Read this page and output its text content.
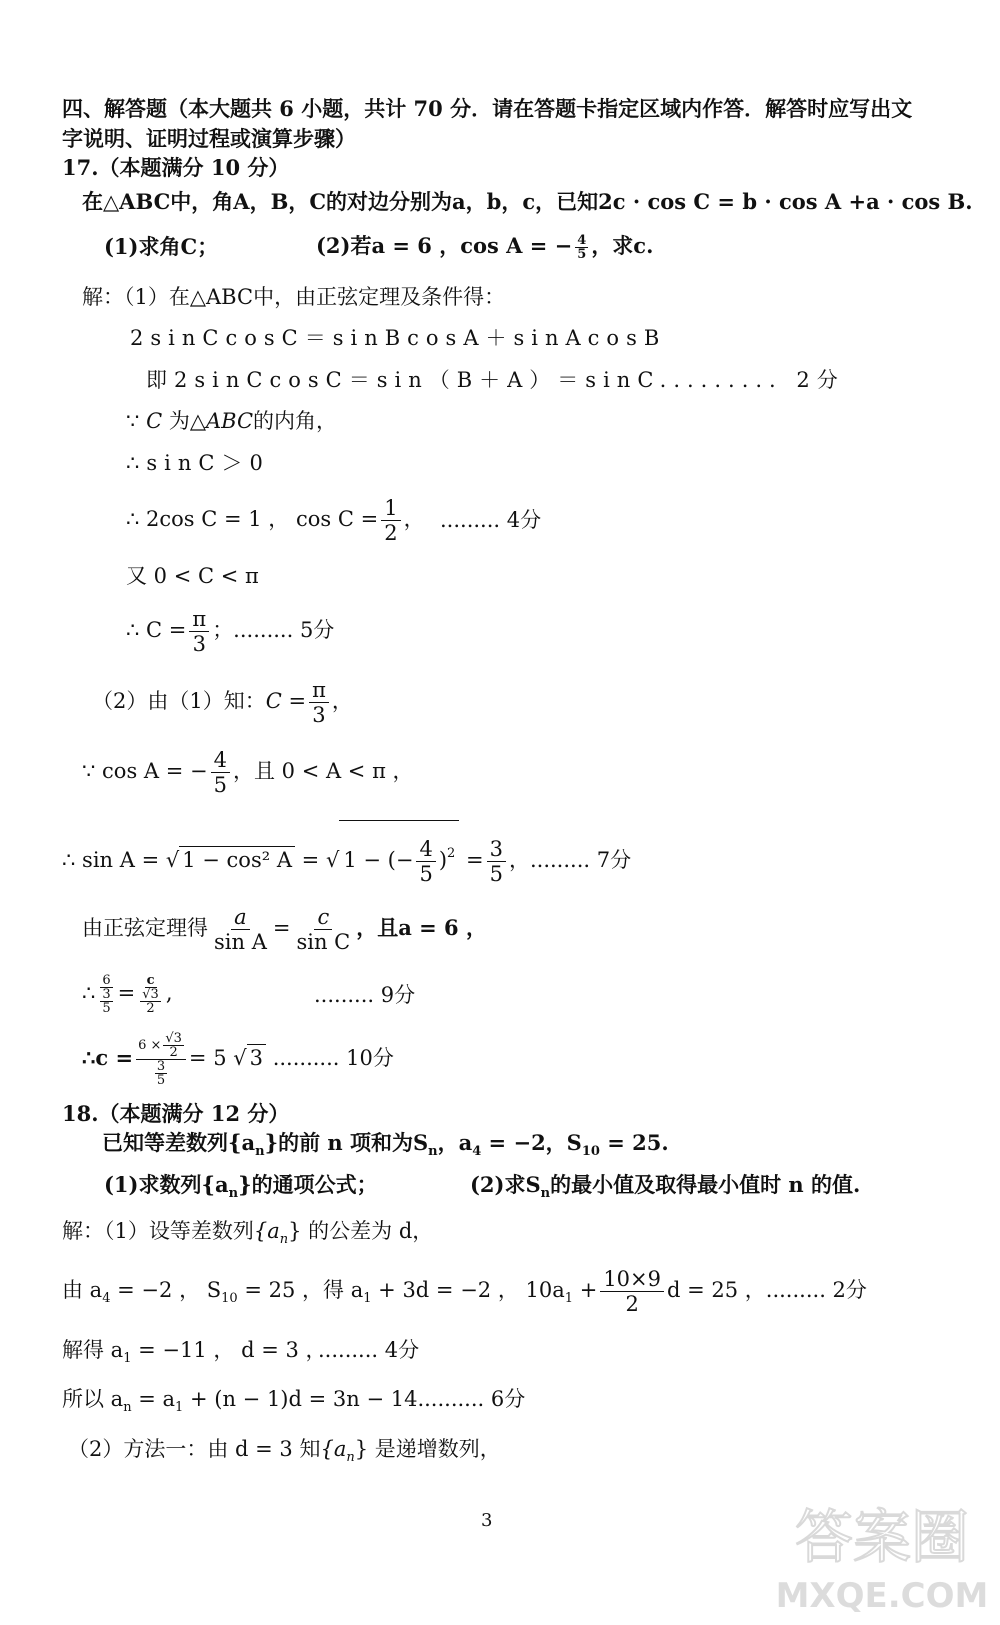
四、解答题（本大题共 6 小题，共计 70 分．请在答题卡指定区域内作答．解答时应写出文
字说明、证明过程或演算步骤）
17.（本题满分 10 分）
在△ABC中，角A，B，C的对边分别为a，b，c，已知2c · cos C = b · cos A +a · cos B.
(1)求角C；	(2)若a = 6 ，cos A = − $\frac{4}{5}$ ，求c.
解：（1）在△ABC中，由正弦定理及条件得：
2sinCcosC＝sinBcosA＋sinAcosB
即2sinCcosC＝sin（B＋A）＝sinC......... 2分
∵ C 为△ABC的内角，
∴sinC＞0
∴ 2cos C = 1 ， $\cos C = \frac{1}{2}$ ， ......... 4分
又 0 < C < π
∴ $C = \frac{\pi}{3}$ ；......... 5分
（2）由（1）知：$C = \frac{\pi}{3}$ ，
∵ cos A = − $\frac{4}{5}$ ，且 0 < A < π ，
∴ sin A = √ 1 − cos² A = √ 1 − (− $\frac{4}{5} )^2 = \frac{3}{5}$ ，......... 7分
由正弦定理得 $\frac{a}{\text{sin A}} = \frac{c}{\text{sin C}}$ ，且a = 6 ，
∴ $\frac{6}{\frac{3}{5}} = \frac{c}{\frac{√3}{2}}$ ,	......... 9分
∴c = $\frac{6 \times \frac{√3}{2}}{\frac{3}{5}} = 5$ √ 3 .......... 10分
18.（本题满分 12 分）
已知等差数列$\{a_n\}$的前 n 项和为$S_n$，$a_4 = -2$，$S_{10} = 25$.
(1)求数列$\{a_n\}$的通项公式；	(2)求$S_n$的最小值及取得最小值时 n 的值.
解：（1）设等差数列$\{a_n\}$ 的公差为 d，
由 $a_4 = -2$ ， $S_{10} = 25$ ，得 $a_1 + 3d = -2$ ， $10a_1 + \frac{10\times 9}{2}$ d = 25 ，......... 2分
解得 $a_1 = -11$ ， d = 3 ，
......... 4分
所以 $a_n = a_1 + (n - 1)d = 3n - 14$.......... 6分
（2）方法一：由 d = 3 知$\{a_n\}$ 是递增数列，
3	答案圈
MXQE.COM
